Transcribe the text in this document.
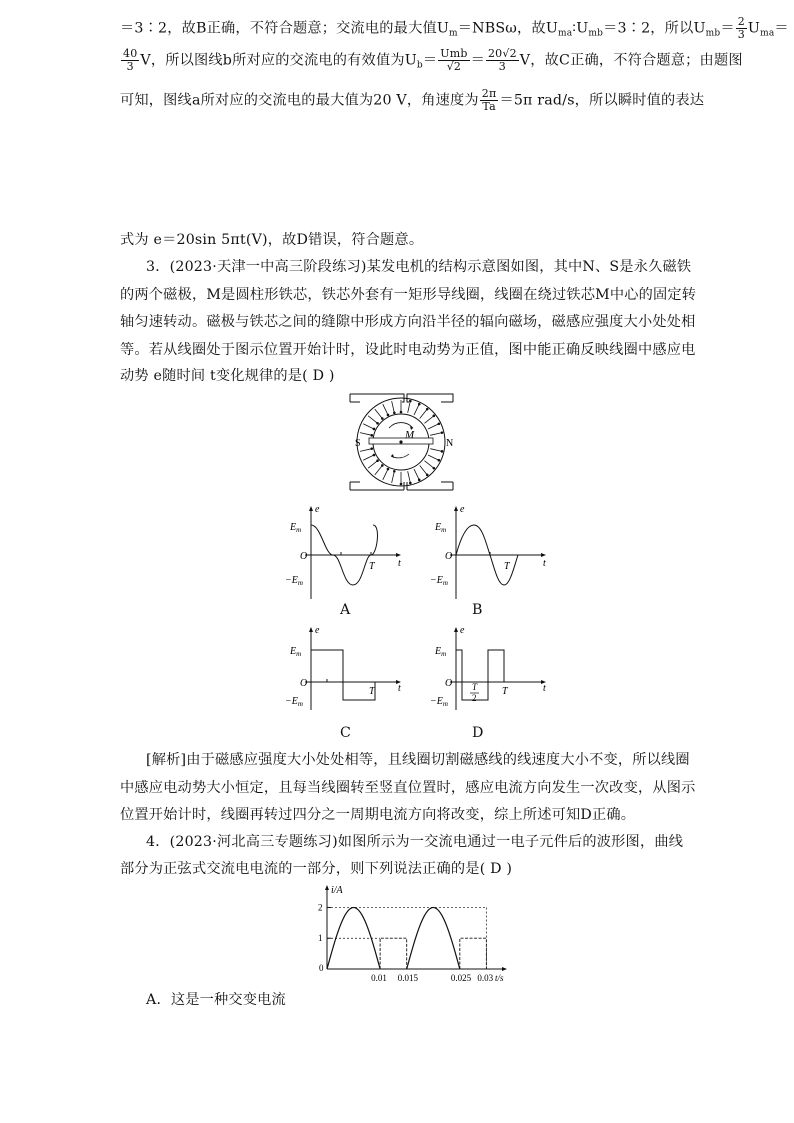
＝3∶2，故B正确，不符合题意；交流电的最大值$U_m=NBS\omega$，故$U_{ma}∶U_{mb}=3∶2$，所以$U_{mb}= \frac{2}{3} U_{ma}=$
$\frac{40}{3}$ V，所以图线b所对应的交流电的有效值为$U_b= \frac{\text{Umb}}{√2} = \frac{20√2}{3}$ V，故C正确，不符合题意；由题图
可知，图线a所对应的交流电的最大值为20 V，角速度为 $\frac{2\pi}{Ta} =5\pi$ rad/s，所以瞬时值的表达
式为 e＝20sin 5πt(V)，故D错误，符合题意。
3．(2023·天津一中高三阶段练习)某发电机的结构示意图如图，其中N、S是永久磁铁
的两个磁极，M是圆柱形铁芯，铁芯外套有一矩形导线圈，线圈在绕过铁芯M中心的固定转
轴匀速转动。磁极与铁芯之间的缝隙中形成方向沿半径的辐向磁场，磁感应强度大小处处相
等。若从线圈处于图示位置开始计时，设此时电动势为正值，图中能正确反映线圈中感应电
动势 e随时间 t变化规律的是( D )
M
S	N
e
t
O
$E_m$
$-E_m$
T
e
t
O
$E_m$
$-E_m$
T
A	B
e
t
O
$E_m$
$-E_m$
T
e
t
O
$E_m$
$-E_m$
T
2
T
C	D
[解析]由于磁感应强度大小处处相等，且线圈切割磁感线的线速度大小不变，所以线圈
中感应电动势大小恒定，且每当线圈转至竖直位置时，感应电流方向发生一次改变，从图示
位置开始计时，线圈再转过四分之一周期电流方向将改变，综上所述可知D正确。
4．(2023·河北高三专题练习)如图所示为一交流电通过一电子元件后的波形图，曲线
部分为正弦式交流电电流的一部分，则下列说法正确的是( D )
i/A
t/s
0
1
2
0.01 0.015	0.025 0.03
A．这是一种交变电流
